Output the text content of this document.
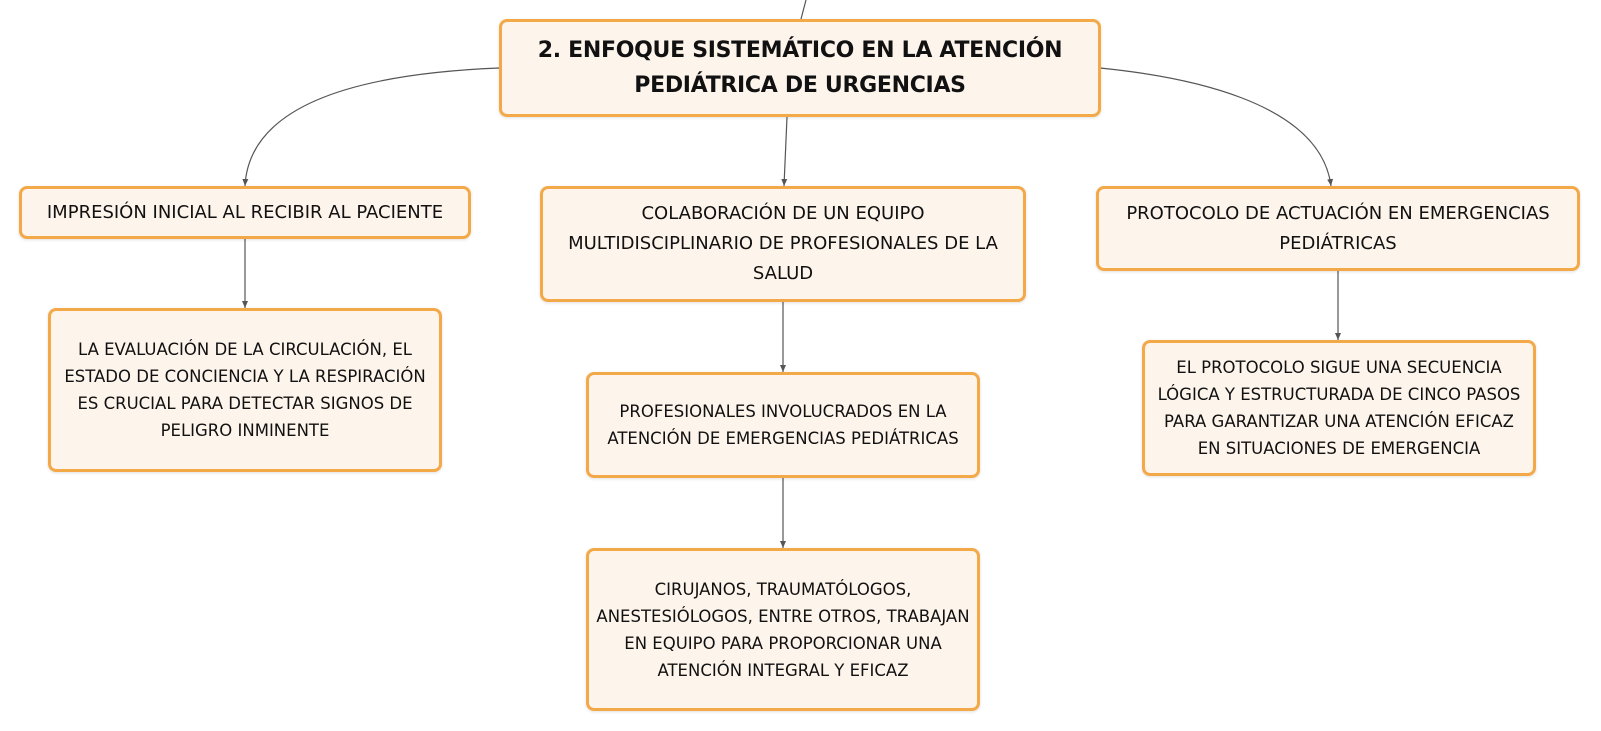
2. ENFOQUE SISTEMÁTICO EN LA ATENCIÓN PEDIÁTRICA DE URGENCIAS
IMPRESIÓN INICIAL AL RECIBIR AL PACIENTE	COLABORACIÓN DE UN EQUIPO MULTIDISCIPLINARIO DE PROFESIONALES DE LA SALUD
PROTOCOLO DE ACTUACIÓN EN EMERGENCIAS PEDIÁTRICAS
LA EVALUACIÓN DE LA CIRCULACIÓN, EL ESTADO DE CONCIENCIA Y LA RESPIRACIÓN ES CRUCIAL PARA DETECTAR SIGNOS DE PELIGRO INMINENTE
PROFESIONALES INVOLUCRADOS EN LA ATENCIÓN DE EMERGENCIAS PEDIÁTRICAS
CIRUJANOS, TRAUMATÓLOGOS, ANESTESIÓLOGOS, ENTRE OTROS, TRABAJAN EN EQUIPO PARA PROPORCIONAR UNA ATENCIÓN INTEGRAL Y EFICAZ
EL PROTOCOLO SIGUE UNA SECUENCIA LÓGICA Y ESTRUCTURADA DE CINCO PASOS PARA GARANTIZAR UNA ATENCIÓN EFICAZ EN SITUACIONES DE EMERGENCIA
